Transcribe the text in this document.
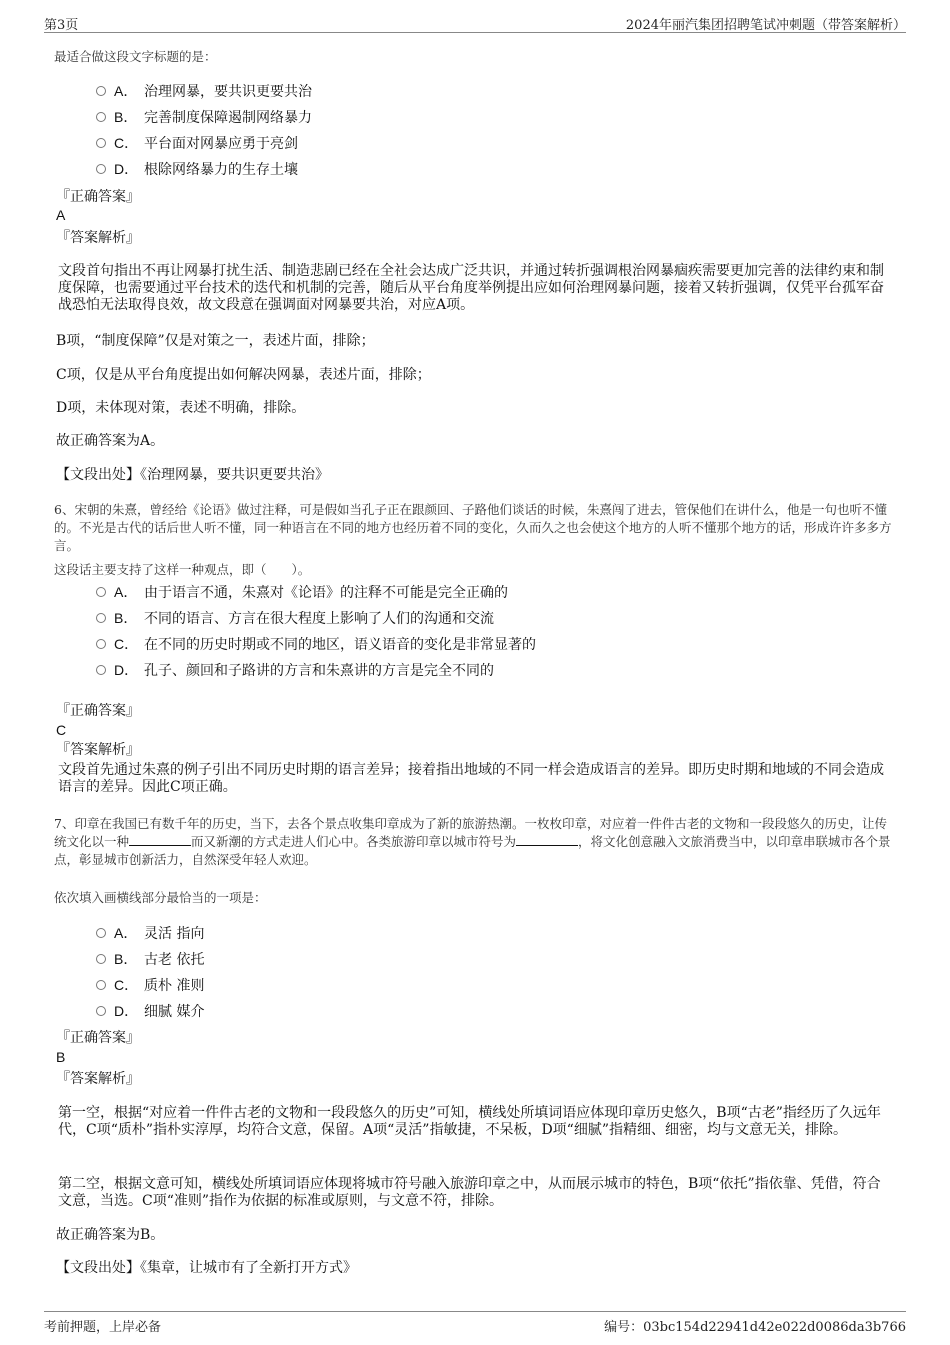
第3页	2024年丽汽集团招聘笔试冲刺题（带答案解析）
最适合做这段文字标题的是：
A． 治理网暴，要共识更要共治
B． 完善制度保障遏制网络暴力
C． 平台面对网暴应勇于亮剑
D． 根除网络暴力的生存土壤
『正确答案』
A
『答案解析』
文段首句指出不再让网暴打扰生活、制造悲剧已经在全社会达成广泛共识，并通过转折强调根治网暴痼疾需要更加完善的法律约束和制度保障，也需要通过平台技术的迭代和机制的完善，随后从平台角度举例提出应如何治理网暴问题，接着又转折强调，仅凭平台孤军奋战恐怕无法取得良效，故文段意在强调面对网暴要共治，对应A项。
B项，“制度保障”仅是对策之一，表述片面，排除；
C项，仅是从平台角度提出如何解决网暴，表述片面，排除；
D项，未体现对策，表述不明确，排除。
故正确答案为A。
【文段出处】《治理网暴，要共识更要共治》
6、宋朝的朱熹，曾经给《论语》做过注释，可是假如当孔子正在跟颜回、子路他们谈话的时候，朱熹闯了进去，管保他们在讲什么，他是一句也听不懂的。不光是古代的话后世人听不懂，同一种语言在不同的地方也经历着不同的变化，久而久之也会使这个地方的人听不懂那个地方的话，形成许许多多方言。
这段话主要支持了这样一种观点，即（　　）。
A． 由于语言不通，朱熹对《论语》的注释不可能是完全正确的
B． 不同的语言、方言在很大程度上影响了人们的沟通和交流
C． 在不同的历史时期或不同的地区，语义语音的变化是非常显著的
D． 孔子、颜回和子路讲的方言和朱熹讲的方言是完全不同的
『正确答案』
C
『答案解析』
文段首先通过朱熹的例子引出不同历史时期的语言差异；接着指出地域的不同一样会造成语言的差异。即历史时期和地域的不同会造成语言的差异。因此C项正确。
7、印章在我国已有数千年的历史，当下，去各个景点收集印章成为了新的旅游热潮。一枚枚印章，对应着一件件古老的文物和一段段悠久的历史，让传统文化以一种	而又新潮的方式走进人们心中。各类旅游印章以城市符号为	，将文化创意融入文旅消费当中，以印章串联城市各个景点，彰显城市创新活力，自然深受年轻人欢迎。
依次填入画横线部分最恰当的一项是：
A． 灵活 指向
B． 古老 依托
C． 质朴 准则
D． 细腻 媒介
『正确答案』
B
『答案解析』
第一空，根据“对应着一件件古老的文物和一段段悠久的历史”可知，横线处所填词语应体现印章历史悠久，B项“古老”指经历了久远年代，C项“质朴”指朴实淳厚，均符合文意，保留。A项“灵活”指敏捷，不呆板，D项“细腻”指精细、细密，均与文意无关，排除。
第二空，根据文意可知，横线处所填词语应体现将城市符号融入旅游印章之中，从而展示城市的特色，B项“依托”指依靠、凭借，符合文意，当选。C项“准则”指作为依据的标准或原则，与文意不符，排除。
故正确答案为B。
【文段出处】《集章，让城市有了全新打开方式》
考前押题，上岸必备	编号：03bc154d22941d42e022d0086da3b766
